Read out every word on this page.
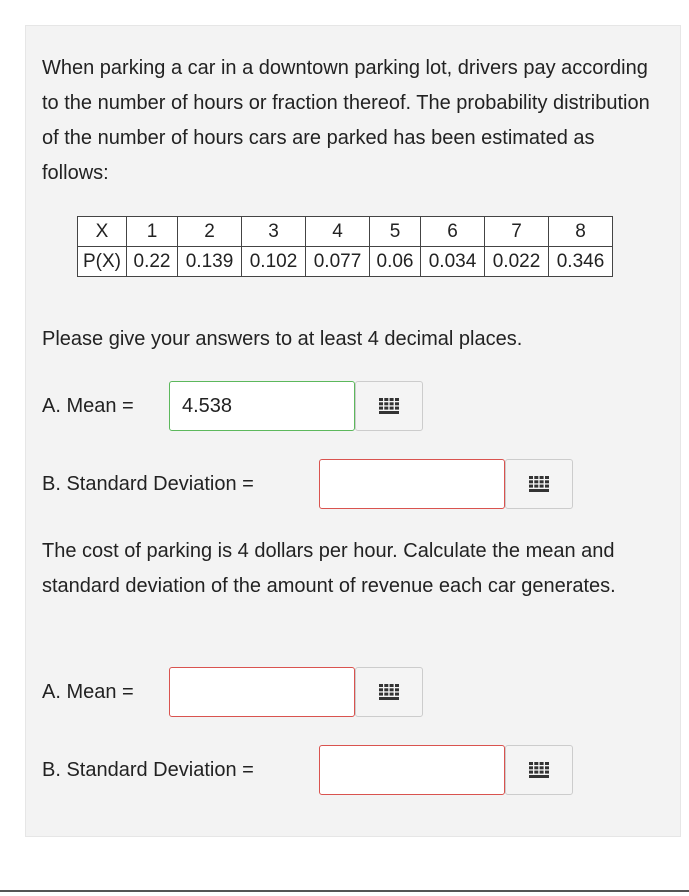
When parking a car in a downtown parking lot, drivers pay according to the number of hours or fraction thereof. The probability distribution of the number of hours cars are parked has been estimated as follows:

X	1	2	3	4	5	6	7	8
P(X)	0.22	0.139	0.102	0.077	0.06	0.034	0.022	0.346

Please give your answers to at least 4 decimal places.

A. Mean =	4.538
B. Standard Deviation =

The cost of parking is 4 dollars per hour. Calculate the mean and standard deviation of the amount of revenue each car generates.

A. Mean =
B. Standard Deviation =
